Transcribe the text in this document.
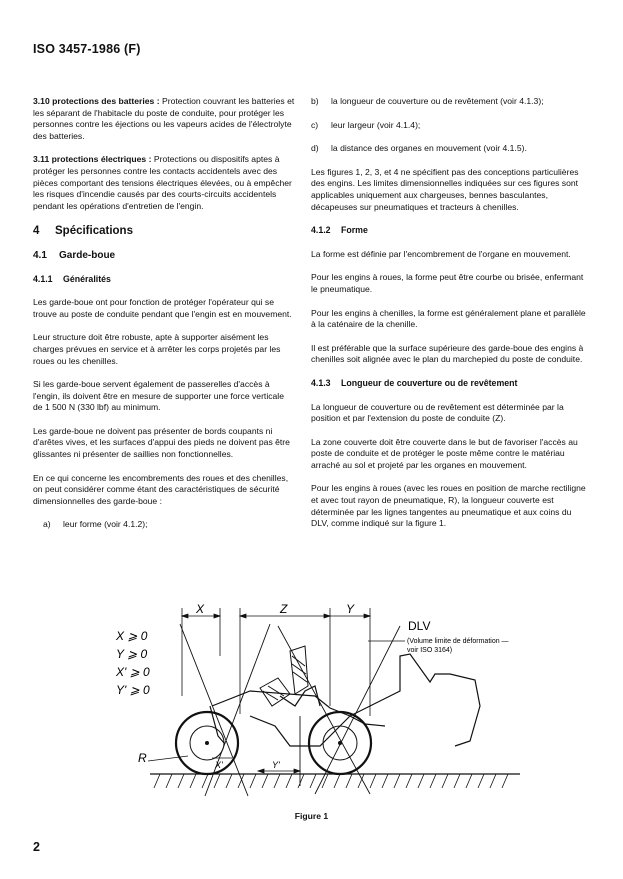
ISO 3457-1986 (F)

3.10 protections des batteries : Protection couvrant les batteries et les séparant de l'habitacle du poste de conduite, pour protéger les personnes contre les éjections ou les vapeurs acides de l'électrolyte des batteries.

3.11 protections électriques : Protections ou dispositifs aptes à protéger les personnes contre les contacts accidentels avec des pièces comportant des tensions électriques élevées, ou à empêcher les risques d'incendie causés par des courts-circuits accidentels pendant les opérations d'entretien de l'engin.

4 Spécifications
4.1 Garde-boue
4.1.1 Généralités

Les garde-boue ont pour fonction de protéger l'opérateur qui se trouve au poste de conduite pendant que l'engin est en mouvement.

Leur structure doit être robuste, apte à supporter aisément les charges prévues en service et à arrêter les corps projetés par les roues ou les chenilles.

Si les garde-boue servent également de passerelles d'accès à l'engin, ils doivent être en mesure de supporter une force verticale de 1 500 N (330 lbf) au minimum.

Les garde-boue ne doivent pas présenter de bords coupants ni d'arêtes vives, et les surfaces d'appui des pieds ne doivent pas être glissantes ni présenter de saillies non fonctionnelles.

En ce qui concerne les encombrements des roues et des chenilles, on peut considérer comme étant des caractéristiques de sécurité dimensionnelles des garde-boue :

a)	leur forme (voir 4.1.2);
b)	la longueur de couverture ou de revêtement (voir 4.1.3);
c)	leur largeur (voir 4.1.4);
d)	la distance des organes en mouvement (voir 4.1.5).

Les figures 1, 2, 3, et 4 ne spécifient pas des conceptions particulières des engins. Les limites dimensionnelles indiquées sur ces figures sont applicables uniquement aux chargeuses, bennes basculantes, décapeuses sur pneumatiques et tracteurs à chenilles.

4.1.2 Forme

La forme est définie par l'encombrement de l'organe en mouvement.

Pour les engins à roues, la forme peut être courbe ou brisée, enfermant le pneumatique.

Pour les engins à chenilles, la forme est généralement plane et parallèle à la caténaire de la chenille.

Il est préférable que la surface supérieure des garde-boue des engins à chenilles soit alignée avec le plan du marchepied du poste de conduite.

4.1.3 Longueur de couverture ou de revêtement

La longueur de couverture ou de revêtement est déterminée par la position et par l'extension du poste de conduite (Z).

La zone couverte doit être couverte dans le but de favoriser l'accès au poste de conduite et de protéger le poste même contre le matériau arraché au sol et projeté par les organes en mouvement.

Pour les engins à roues (avec les roues en position de marche rectiligne et avec tout rayon de pneumatique, R), la longueur couverte est déterminée par les lignes tangentes au pneumatique et aux coins du DLV, comme indiqué sur la figure 1.

X	Z	Y
DLV
(Volume limite de déformation —
voir ISO 3164)
X ⩾ 0
Y ⩾ 0
X' ⩾ 0
Y' ⩾ 0
R	X'	Y'
Figure 1
2
